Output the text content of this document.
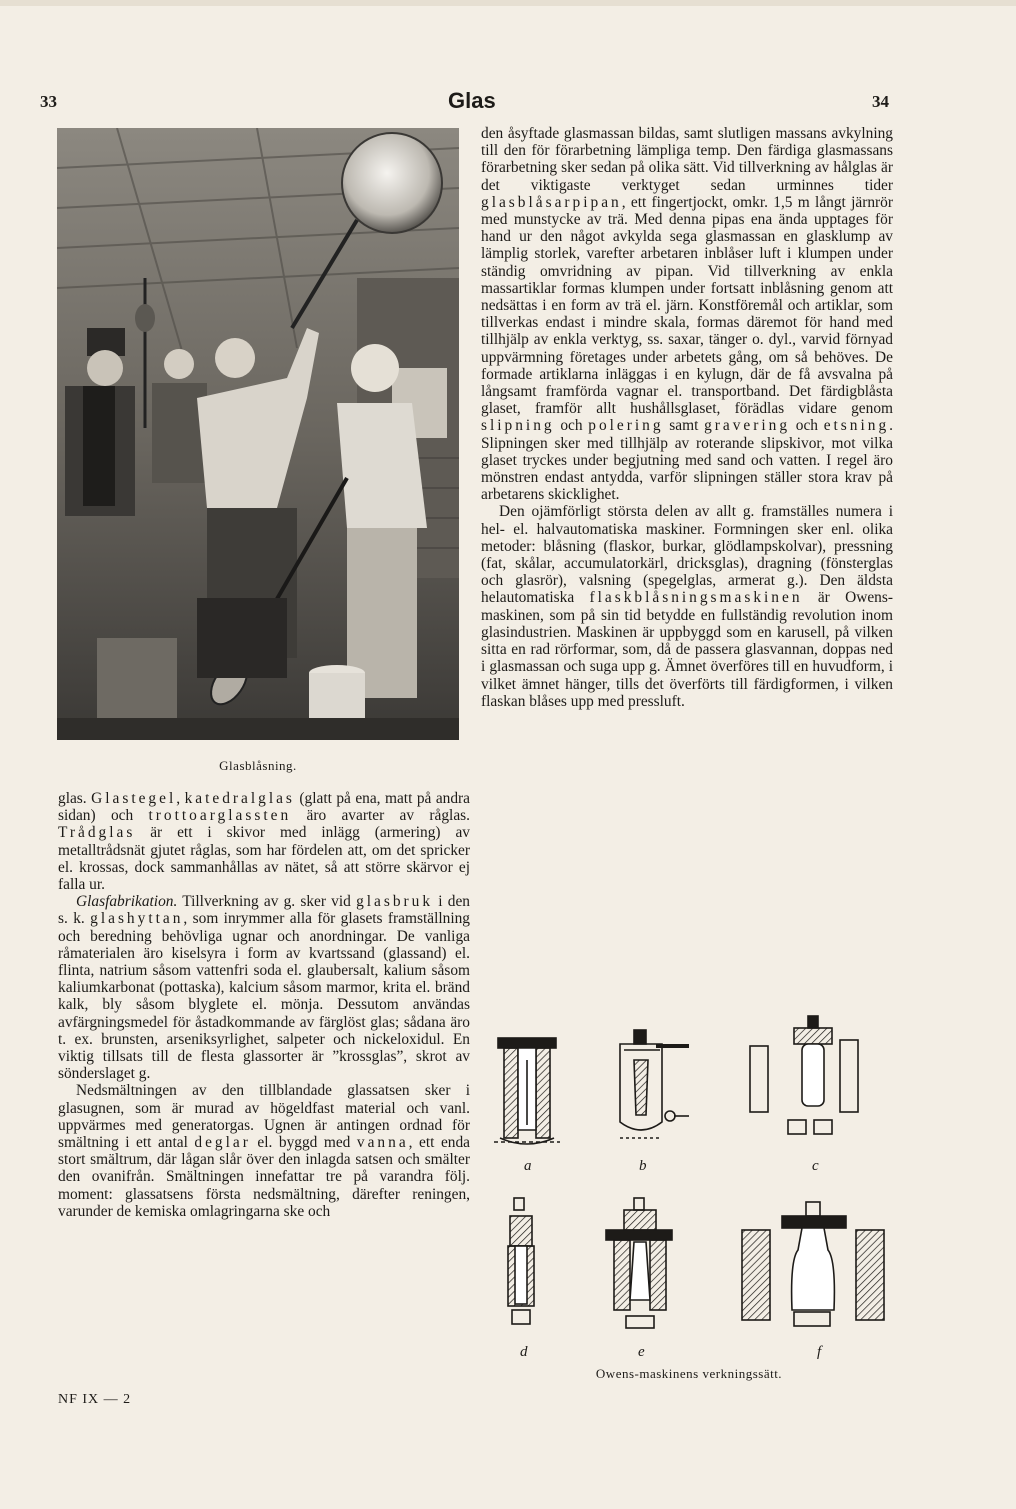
33	Glas	34
Glasblåsning.

glas. Glastegel, katedralglas (glatt på ena, matt på andra sidan) och trottoarglassten äro avarter av råglas. Trådglas är ett i skivor med inlägg (armering) av metalltrådsnät gjutet råglas, som har fördelen att, om det spricker el. krossas, dock sammanhållas av nätet, så att större skärvor ej falla ur.

Glasfabrikation. Tillverkning av g. sker vid glasbruk i den s. k. glashyttan, som inrymmer alla för glasets framställning och beredning behövliga ugnar och anordningar. De vanliga råmaterialen äro kiselsyra i form av kvartssand (glassand) el. flinta, natrium såsom vattenfri soda el. glaubersalt, kalium såsom kaliumkarbonat (pottaska), kalcium såsom marmor, krita el. bränd kalk, bly såsom blyglete el. mönja. Dessutom användas avfärgningsmedel för åstadkommande av färglöst glas; sådana äro t. ex. brunsten, arseniksyrlighet, salpeter och nickeloxidul. En viktig tillsats till de flesta glassorter är ”krossglas”, skrot av sönderslaget g.

Nedsmältningen av den tillblandade glassatsen sker i glasugnen, som är murad av högeldfast material och vanl. uppvärmes med generatorgas. Ugnen är antingen ordnad för smältning i ett antal deglar el. byggd med vanna, ett enda stort smältrum, där lågan slår över den inlagda satsen och smälter den ovanifrån. Smältningen innefattar tre på varandra följ. moment: glassatsens första nedsmältning, därefter reningen, varunder de kemiska omlagringarna ske och

den åsyftade glasmassan bildas, samt slutligen massans avkylning till den för förarbetning lämpliga temp. Den färdiga glasmassans förarbetning sker sedan på olika sätt. Vid tillverkning av hålglas är det viktigaste verktyget sedan urminnes tider glasblåsarpipan, ett fingertjockt, omkr. 1,5 m långt järnrör med munstycke av trä. Med denna pipas ena ända upptages för hand ur den något avkylda sega glasmassan en glasklump av lämplig storlek, varefter arbetaren inblåser luft i klumpen under ständig omvridning av pipan. Vid tillverkning av enkla massartiklar formas klumpen under fortsatt inblåsning genom att nedsättas i en form av trä el. järn. Konstföremål och artiklar, som tillverkas endast i mindre skala, formas däremot för hand med tillhjälp av enkla verktyg, ss. saxar, tänger o. dyl., varvid förnyad uppvärmning företages under arbetets gång, om så behöves. De formade artiklarna inläggas i en kylugn, där de få avsvalna på långsamt framförda vagnar el. transportband. Det färdigblåsta glaset, framför allt hushållsglaset, förädlas vidare genom slipning och polering samt gravering och etsning. Slipningen sker med tillhjälp av roterande slipskivor, mot vilka glaset tryckes under begjutning med sand och vatten. I regel äro mönstren endast antydda, varför slipningen ställer stora krav på arbetarens skicklighet.

Den ojämförligt största delen av allt g. framställes numera i hel- el. halvautomatiska maskiner. Formningen sker enl. olika metoder: blåsning (flaskor, burkar, glödlampskolvar), pressning (fat, skålar, accumulatorkärl, dricksglas), dragning (fönsterglas och glasrör), valsning (spegelglas, armerat g.). Den äldsta helautomatiska flaskblåsningsmaskinen är Owens-maskinen, som på sin tid betydde en fullständig revolution inom glasindustrien. Maskinen är uppbyggd som en karusell, på vilken sitta en rad rörformar, som, då de passera glasvannan, doppas ned i glasmassan och suga upp g. Ämnet överföres till en huvudform, i vilket ämnet hänger, tills det överförts till färdigformen, i vilken flaskan blåses upp med pressluft.

a	b	c
d	e	f
Owens-maskinens verkningssätt.
NF IX — 2
